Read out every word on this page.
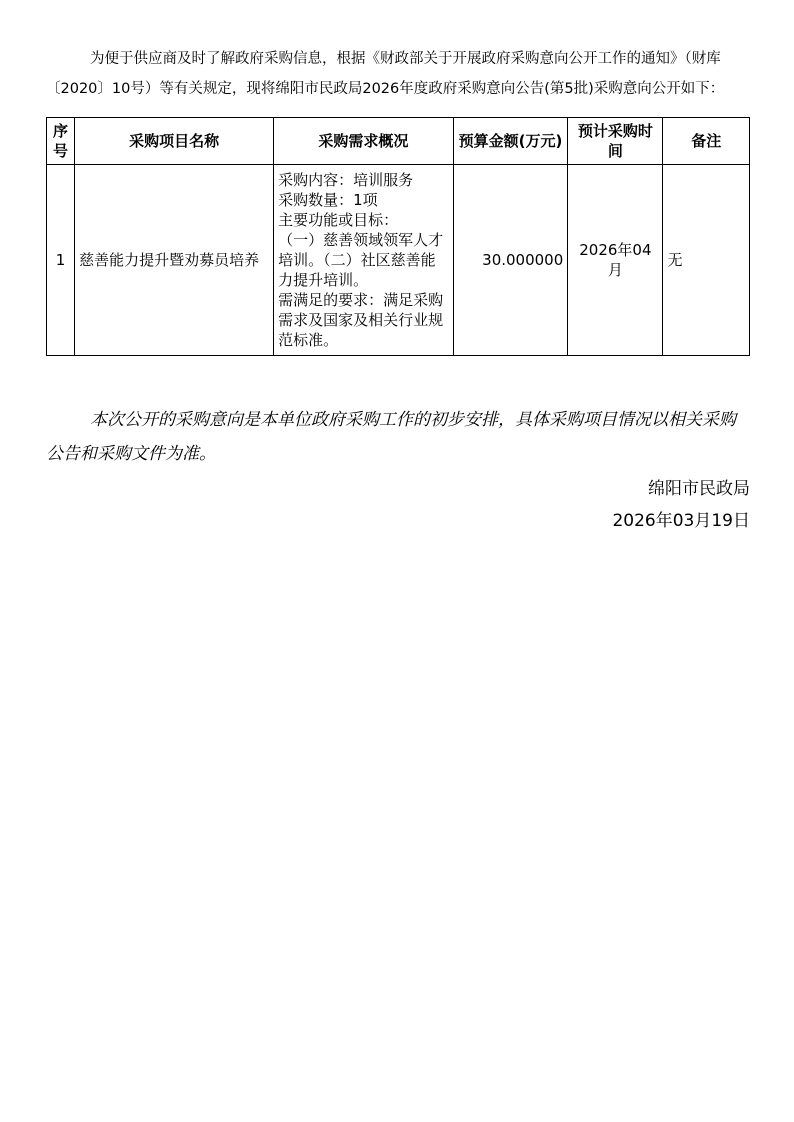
为便于供应商及时了解政府采购信息，根据《财政部关于开展政府采购意向公开工作的通知》（财库〔2020〕10号）等有关规定，现将绵阳市民政局2026年度政府采购意向公告(第5批)采购意向公开如下：

序号	采购项目名称	采购需求概况	预算金额(万元)	预计采购时间	备注
1	慈善能力提升暨劝募员培养	采购内容：培训服务
采购数量：1项
主要功能或目标：
（一）慈善领域领军人才培训。（二）社区慈善能力提升培训。
需满足的要求：满足采购需求及国家及相关行业规范标准。	30.000000	2026年04月	无

本次公开的采购意向是本单位政府采购工作的初步安排，具体采购项目情况以相关采购公告和采购文件为准。

绵阳市民政局
2026年03月19日
